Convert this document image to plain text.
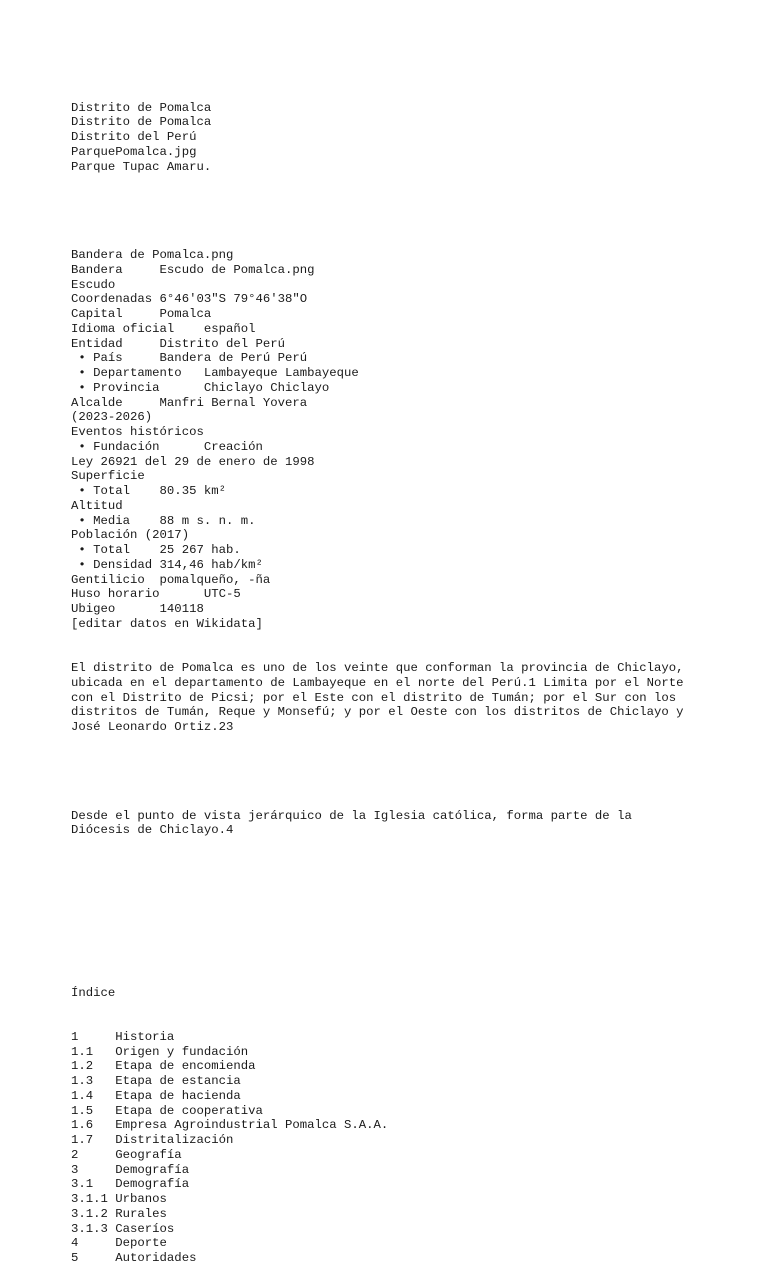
Distrito de Pomalca
Distrito de Pomalca
Distrito del Perú
ParquePomalca.jpg
Parque Tupac Amaru.

Bandera de Pomalca.png
Bandera     Escudo de Pomalca.png
Escudo
Coordenadas 6°46'03"S 79°46'38"O
Capital     Pomalca
Idioma oficial    español
Entidad     Distrito del Perú
• País     Bandera de Perú Perú
• Departamento   Lambayeque Lambayeque
• Provincia      Chiclayo Chiclayo
Alcalde     Manfri Bernal Yovera
(2023-2026)
Eventos históricos
• Fundación      Creación
Ley 26921 del 29 de enero de 1998
Superficie
• Total    80.35 km²
Altitud
• Media    88 m s. n. m.
Población (2017)
• Total    25 267 hab.
• Densidad 314,46 hab/km²
Gentilicio  pomalqueño, -ña
Huso horario      UTC-5
Ubigeo      140118
[editar datos en Wikidata]

El distrito de Pomalca es uno de los veinte que conforman la provincia de Chiclayo,
ubicada en el departamento de Lambayeque en el norte del Perú.1 Limita por el Norte
con el Distrito de Picsi; por el Este con el distrito de Tumán; por el Sur con los
distritos de Tumán, Reque y Monsefú; y por el Oeste con los distritos de Chiclayo y
José Leonardo Ortiz.23

Desde el punto de vista jerárquico de la Iglesia católica, forma parte de la
Diócesis de Chiclayo.4

Índice

1     Historia
1.1   Origen y fundación
1.2   Etapa de encomienda
1.3   Etapa de estancia
1.4   Etapa de hacienda
1.5   Etapa de cooperativa
1.6   Empresa Agroindustrial Pomalca S.A.A.
1.7   Distritalización
2     Geografía
3     Demografía
3.1   Demografía
3.1.1 Urbanos
3.1.2 Rurales
3.1.3 Caseríos
4     Deporte
5     Autoridades
